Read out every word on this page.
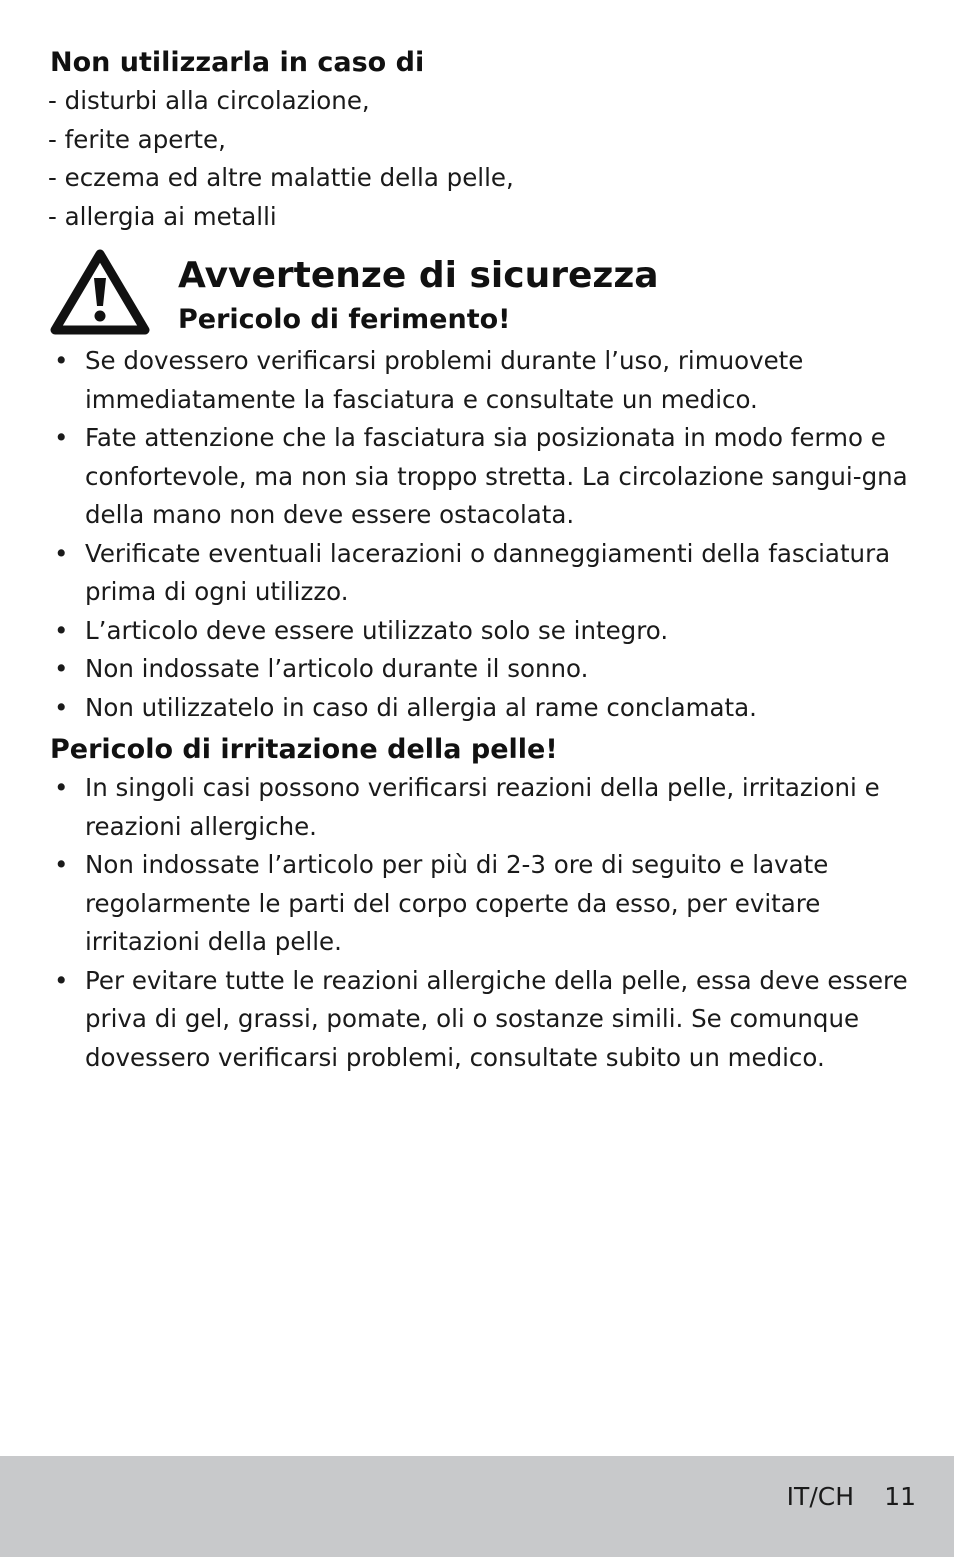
Non utilizzarla in caso di
- disturbi alla circolazione,
- ferite aperte,
- eczema ed altre malattie della pelle,
- allergia ai metalli
Avvertenze di sicurezza
Pericolo di ferimento!
• Se dovessero verificarsi problemi durante l’uso, rimuovete immediatamente la fasciatura e consultate un medico.
• Fate attenzione che la fasciatura sia posizionata in modo fermo e confortevole, ma non sia troppo stretta. La circolazione sangui-gna della mano non deve essere ostacolata.
• Verificate eventuali lacerazioni o danneggiamenti della fasciatura prima di ogni utilizzo.
• L’articolo deve essere utilizzato solo se integro.
• Non indossate l’articolo durante il sonno.
• Non utilizzatelo in caso di allergia al rame conclamata.
Pericolo di irritazione della pelle!
• In singoli casi possono verificarsi reazioni della pelle, irritazioni e reazioni allergiche.
• Non indossate l’articolo per più di 2-3 ore di seguito e lavate regolarmente le parti del corpo coperte da esso, per evitare irritazioni della pelle.
• Per evitare tutte le reazioni allergiche della pelle, essa deve essere priva di gel, grassi, pomate, oli o sostanze simili. Se comunque dovessero verificarsi problemi, consultate subito un medico.
IT/CH 11
